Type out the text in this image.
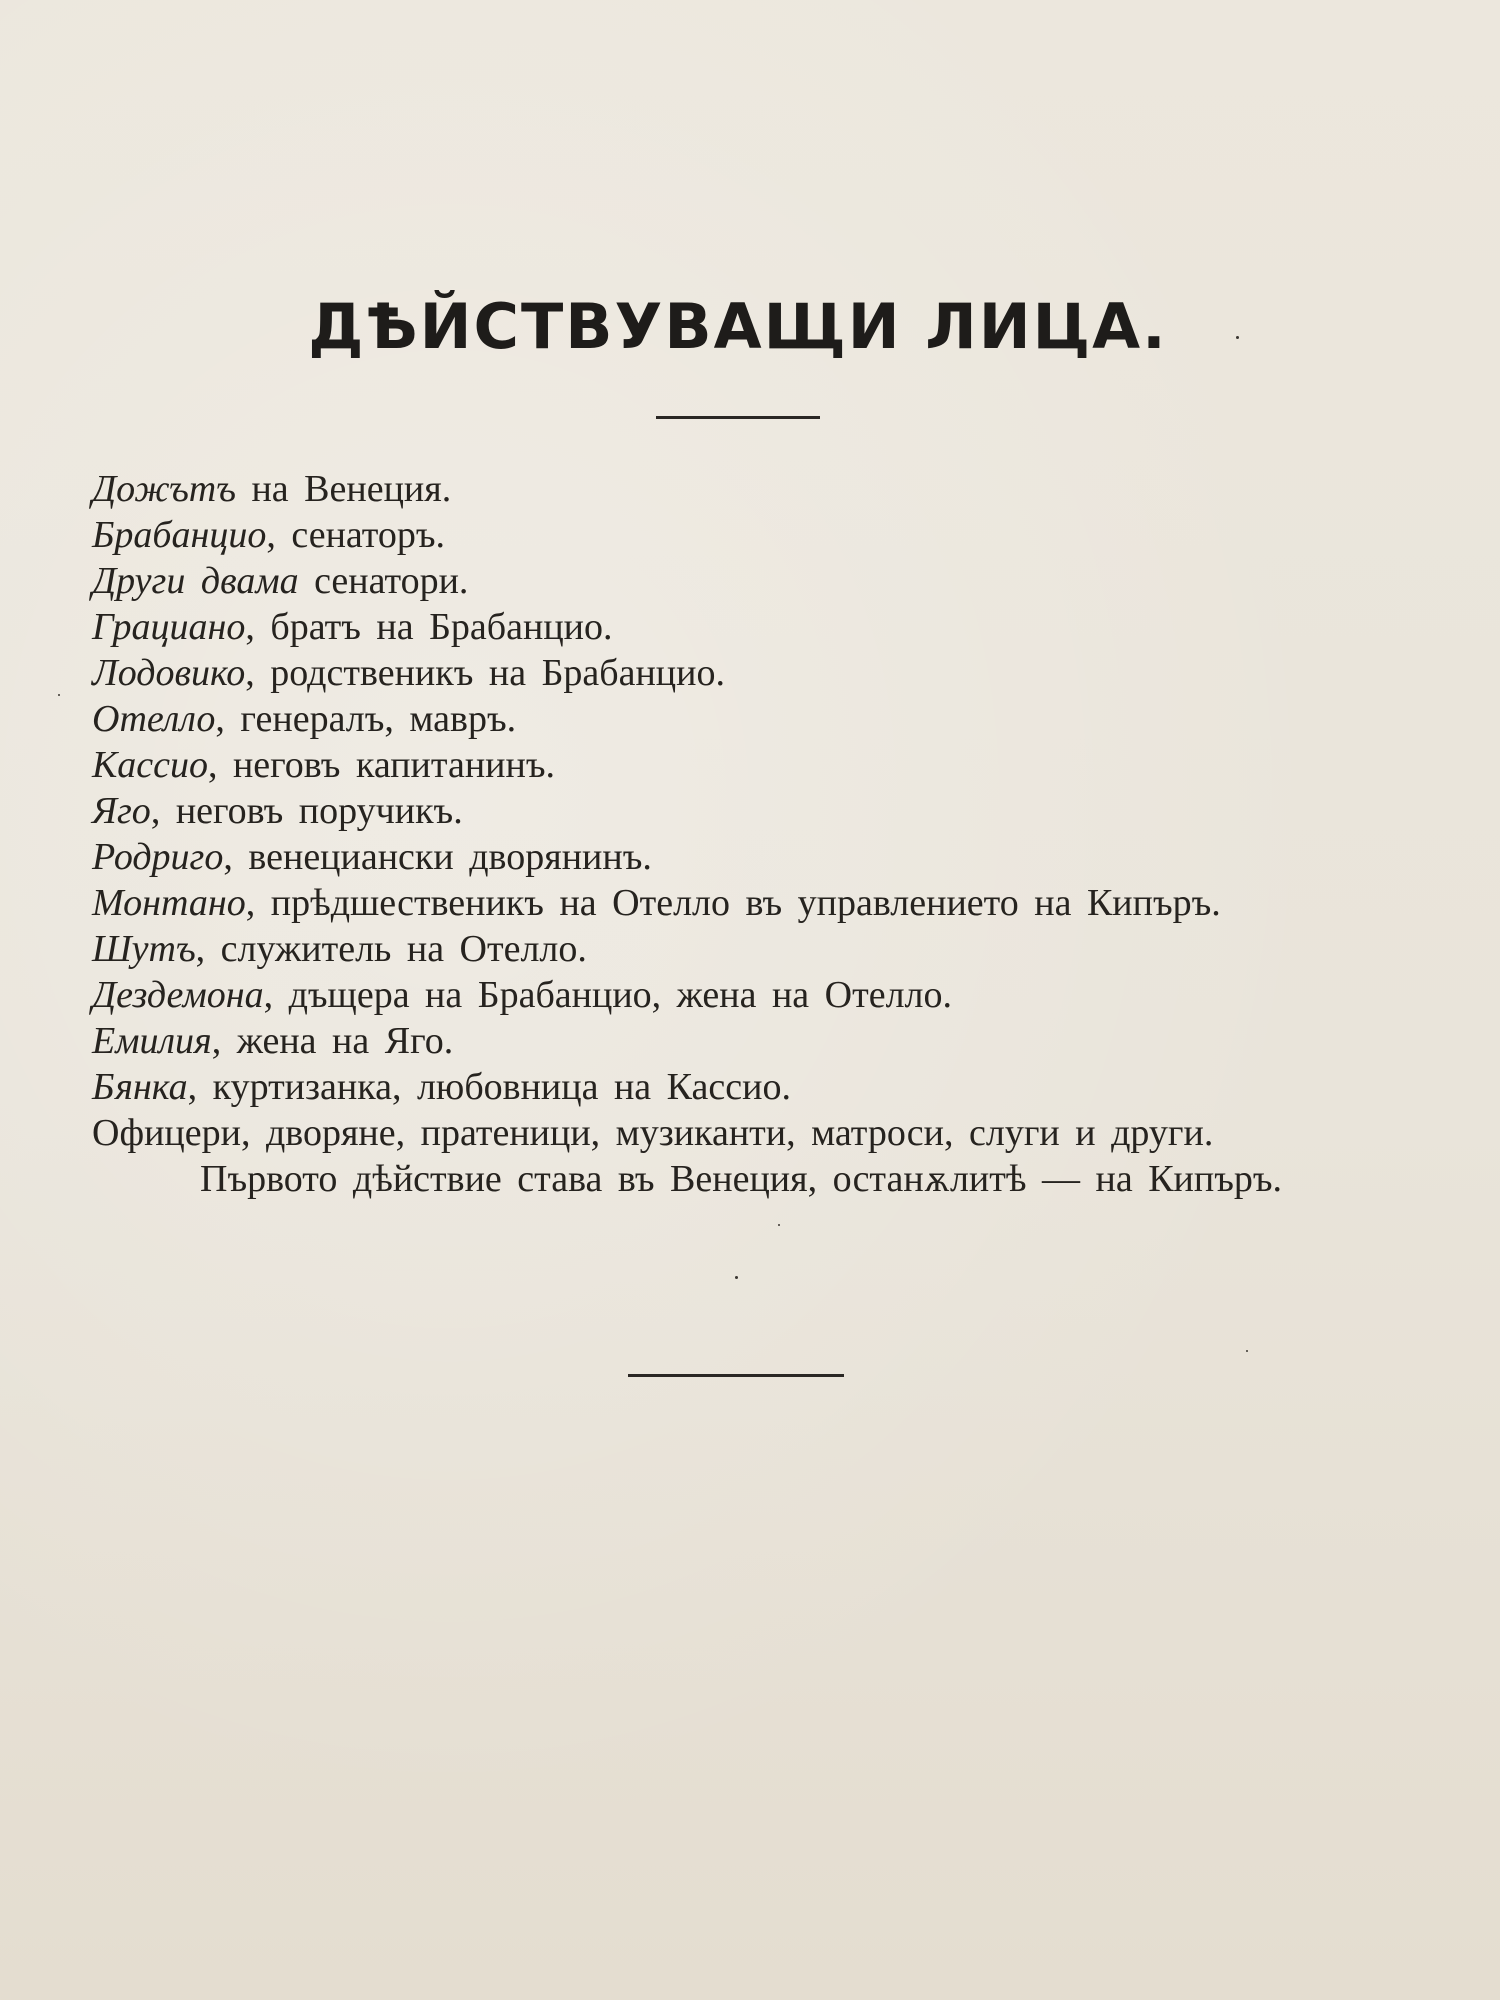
ДѢЙСТВУВАЩИ ЛИЦА.
Дожътъ на Венеция.
Брабанцио, сенаторъ.
Други двама сенатори.
Грациано, братъ на Брабанцио.
Лодовико, родственикъ на Брабанцио.
Отелло, генералъ, мавръ.
Кассио, неговъ капитанинъ.
Яго, неговъ поручикъ.
Родриго, венециански дворянинъ.
Монтано, прѣдшественикъ на Отелло въ управлението на Кипъръ.
Шутъ, служитель на Отелло.
Дездемона, дъщера на Брабанцио, жена на Отелло.
Емилия, жена на Яго.
Бянка, куртизанка, любовница на Кассио.
Офицери, дворяне, пратеници, музиканти, матроси, слуги и други.
Първото дѣйствие става въ Венеция, останѫлитѣ — на Кипъръ.
